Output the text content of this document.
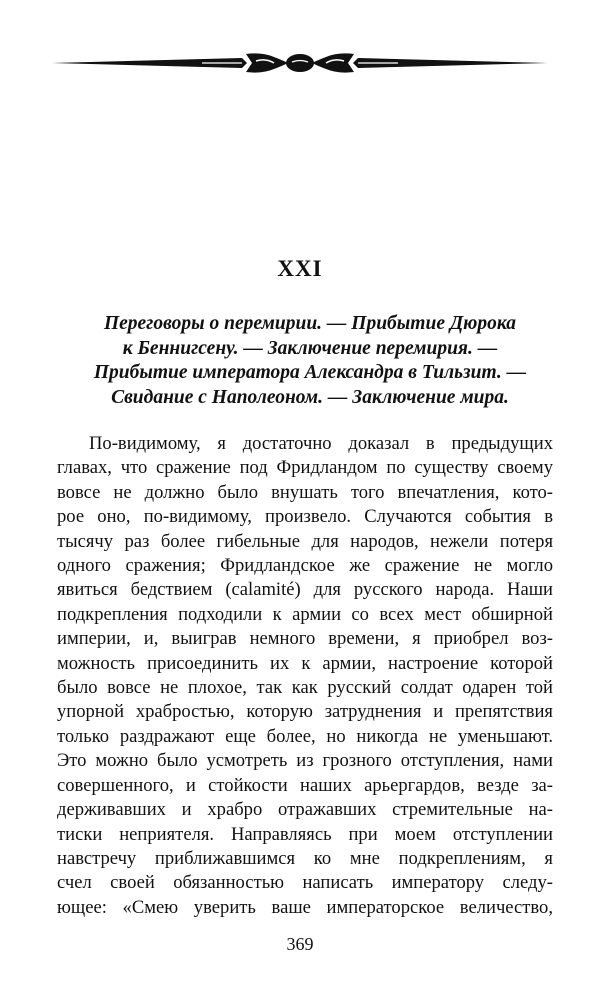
XXI
Переговоры о перемирии. — Прибытие Дюрока
к Беннигсену. — Заключение перемирия. —
Прибытие императора Александра в Тильзит. —
Свидание с Наполеоном. — Заключение мира.
По-видимому, я достаточно доказал в предыдущих
главах, что сражение под Фридландом по существу своему
вовсе не должно было внушать того впечатления, кото-
рое оно, по-видимому, произвело. Случаются события в
тысячу раз более гибельные для народов, нежели потеря
одного сражения; Фридландское же сражение не могло
явиться бедствием (calamité) для русского народа. Наши
подкрепления подходили к армии со всех мест обширной
империи, и, выиграв немного времени, я приобрел воз-
можность присоединить их к армии, настроение которой
было вовсе не плохое, так как русский солдат одарен той
упорной храбростью, которую затруднения и препятствия
только раздражают еще более, но никогда не уменьшают.
Это можно было усмотреть из грозного отступления, нами
совершенного, и стойкости наших арьергардов, везде за-
держивавших и храбро отражавших стремительные на-
тиски неприятеля. Направляясь при моем отступлении
навстречу приближавшимся ко мне подкреплениям, я
счел своей обязанностью написать императору следу-
ющее: «Смею уверить ваше императорское величество,
369
